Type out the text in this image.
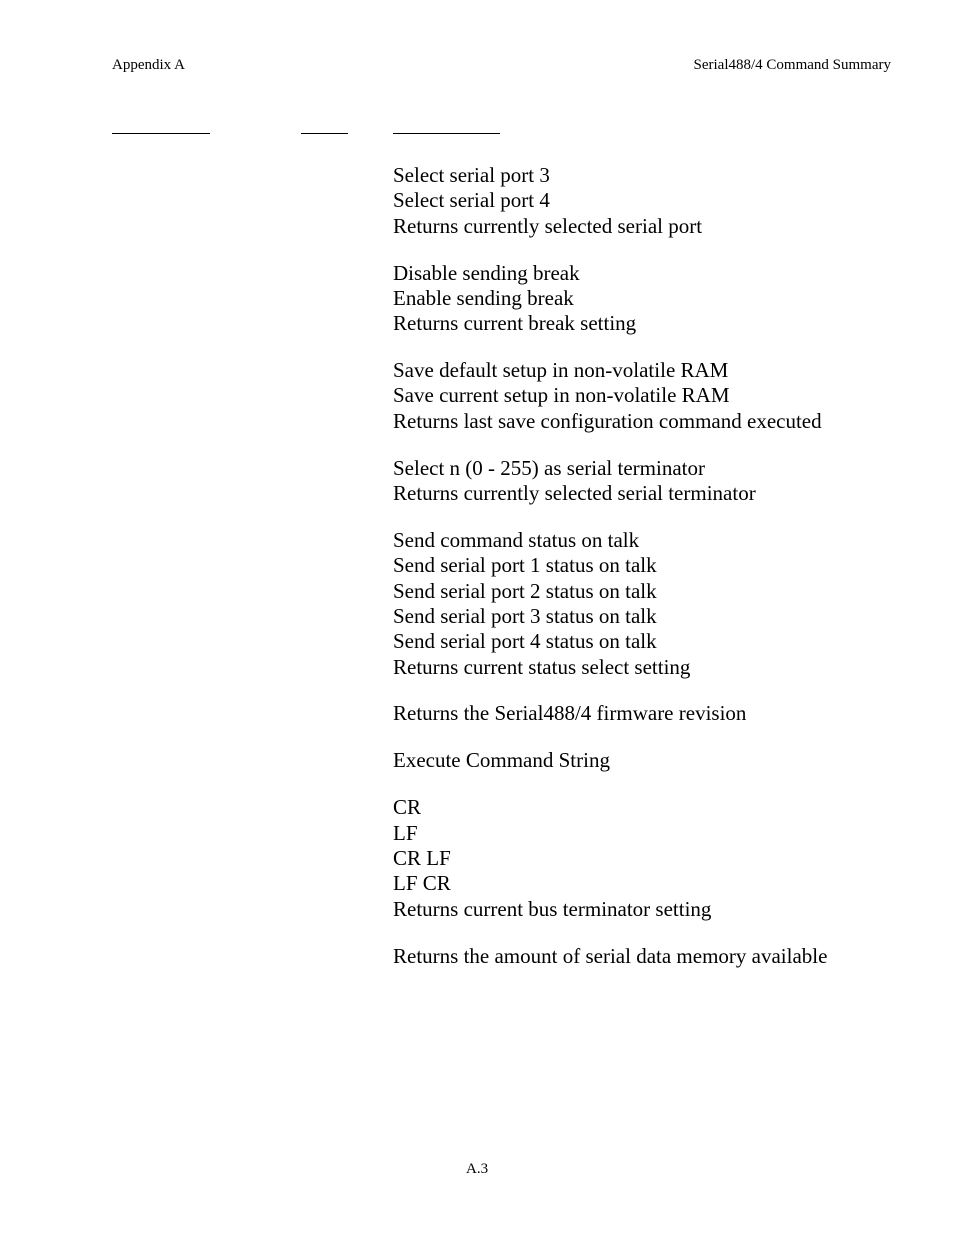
Appendix A	Serial488/4 Command Summary
Select serial port 3
Select serial port 4
Returns currently selected serial port
Disable sending break
Enable sending break
Returns current break setting
Save default setup in non-volatile RAM
Save current setup in non-volatile RAM
Returns last save configuration command executed
Select n (0 - 255) as serial terminator
Returns currently selected serial terminator
Send command status on talk
Send serial port 1 status on talk
Send serial port 2 status on talk
Send serial port 3 status on talk
Send serial port 4 status on talk
Returns current status select setting
Returns the Serial488/4 firmware revision
Execute Command String
CR
LF
CR LF
LF CR
Returns current bus terminator setting
Returns the amount of serial data memory available
A.3
